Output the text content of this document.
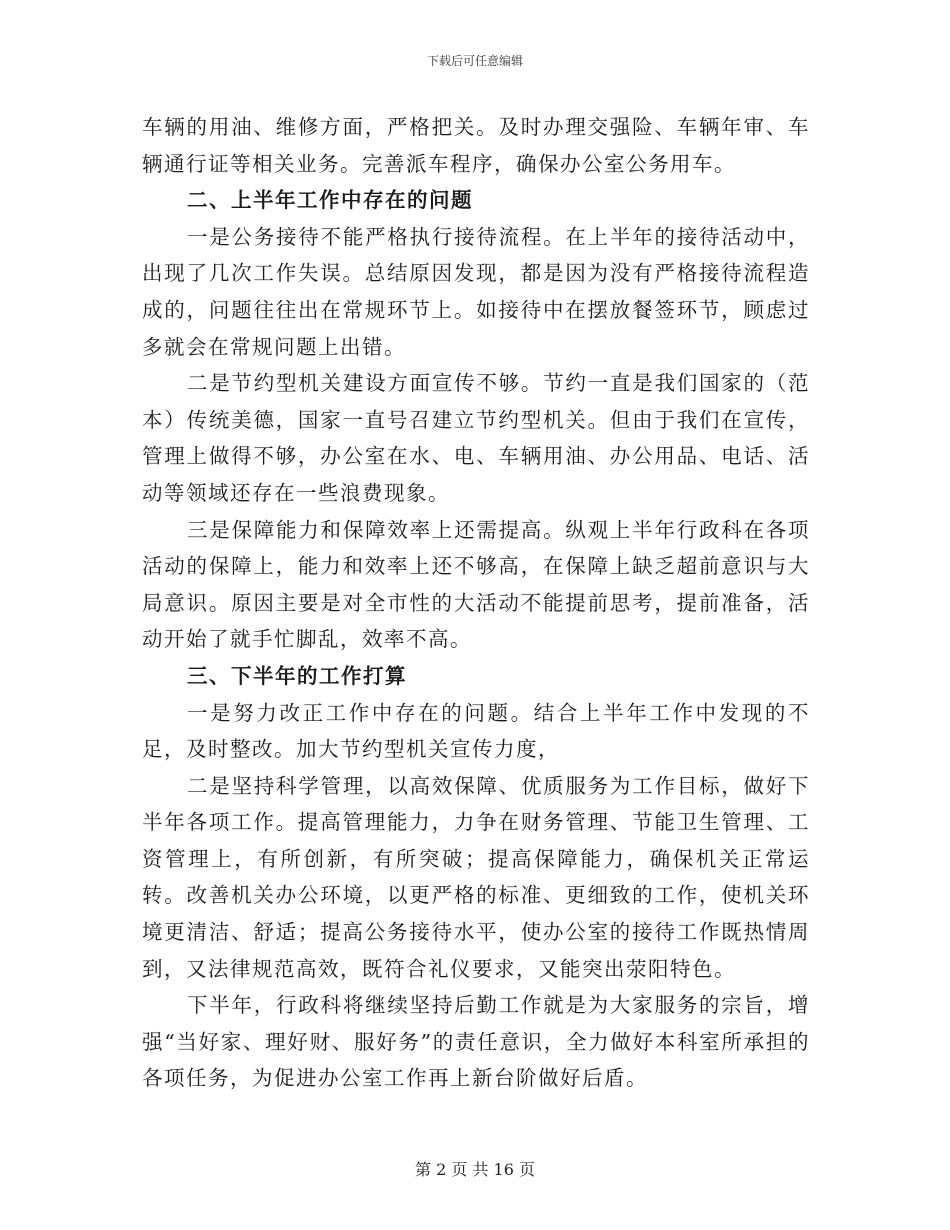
下载后可任意编辑

车辆的用油、维修方面，严格把关。及时办理交强险、车辆年审、车辆通行证等相关业务。完善派车程序，确保办公室公务用车。

二、上半年工作中存在的问题

一是公务接待不能严格执行接待流程。在上半年的接待活动中，出现了几次工作失误。总结原因发现，都是因为没有严格接待流程造成的，问题往往出在常规环节上。如接待中在摆放餐签环节，顾虑过多就会在常规问题上出错。

二是节约型机关建设方面宣传不够。节约一直是我们国家的（范本）传统美德，国家一直号召建立节约型机关。但由于我们在宣传，管理上做得不够，办公室在水、电、车辆用油、办公用品、电话、活动等领域还存在一些浪费现象。

三是保障能力和保障效率上还需提高。纵观上半年行政科在各项活动的保障上，能力和效率上还不够高，在保障上缺乏超前意识与大局意识。原因主要是对全市性的大活动不能提前思考，提前准备，活动开始了就手忙脚乱，效率不高。

三、下半年的工作打算

一是努力改正工作中存在的问题。结合上半年工作中发现的不足，及时整改。加大节约型机关宣传力度，

二是坚持科学管理，以高效保障、优质服务为工作目标，做好下半年各项工作。提高管理能力，力争在财务管理、节能卫生管理、工资管理上，有所创新，有所突破；提高保障能力，确保机关正常运转。改善机关办公环境，以更严格的标准、更细致的工作，使机关环境更清洁、舒适；提高公务接待水平，使办公室的接待工作既热情周到，又法律规范高效，既符合礼仪要求，又能突出荥阳特色。

下半年，行政科将继续坚持后勤工作就是为大家服务的宗旨，增强“当好家、理好财、服好务”的责任意识，全力做好本科室所承担的各项任务，为促进办公室工作再上新台阶做好后盾。

第 2 页 共 16 页
